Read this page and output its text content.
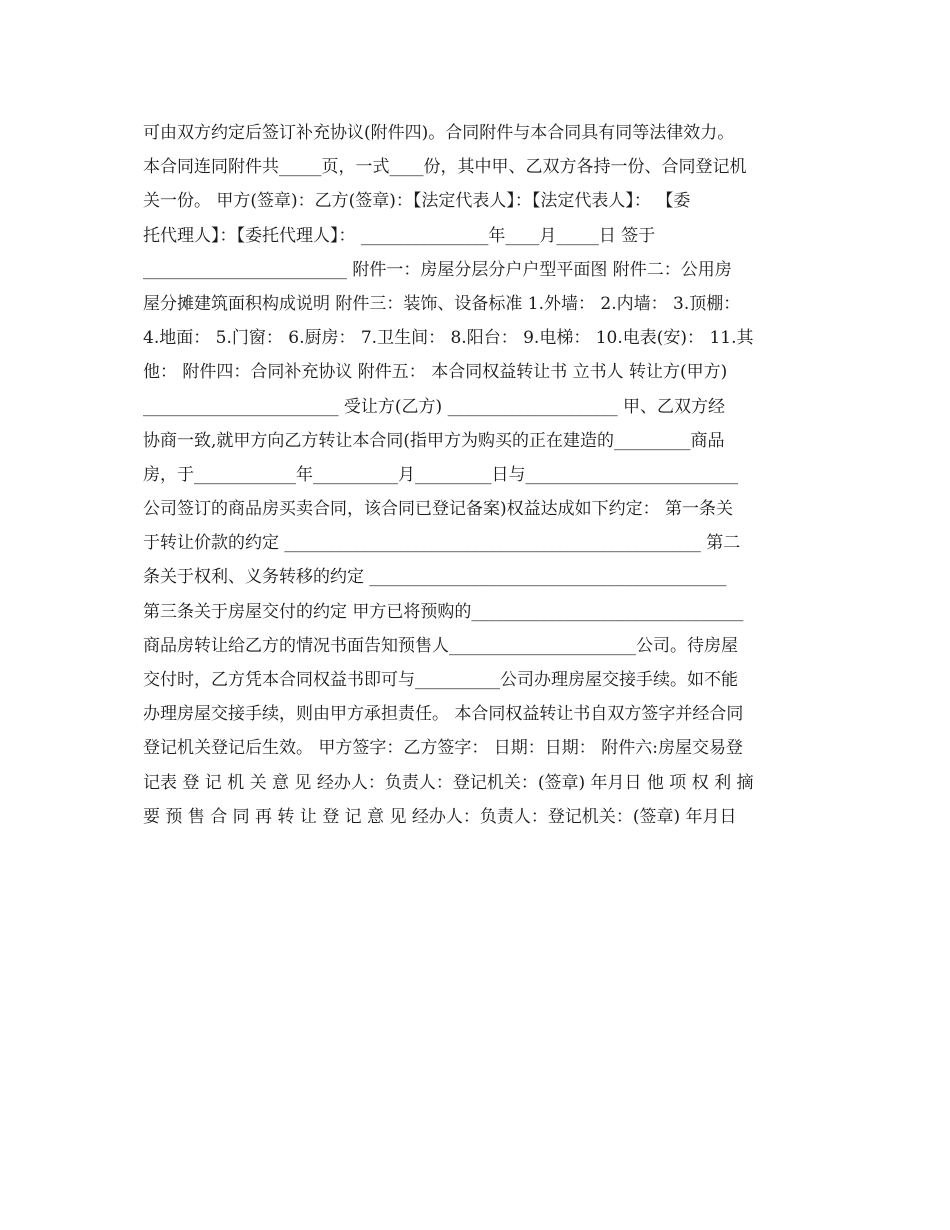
可由双方约定后签订补充协议(附件四)。合同附件与本合同具有同等法律效力。
本合同连同附件共_____页，一式____份，其中甲、乙双方各持一份、合同登记机
关一份。 甲方(签章)：乙方(签章)：【法定代表人】：【法定代表人】： 【委
托代理人】：【委托代理人】： _______________年____月_____日 签于
________________________ 附件一：房屋分层分户户型平面图 附件二：公用房
屋分摊建筑面积构成说明 附件三：装饰、设备标准 1.外墙： 2.内墙： 3.顶棚：
4.地面： 5.门窗： 6.厨房： 7.卫生间： 8.阳台： 9.电梯： 10.电表(安)： 11.其
他： 附件四：合同补充协议 附件五： 本合同权益转让书 立书人 转让方(甲方)
_______________________ 受让方(乙方) ____________________ 甲、乙双方经
协商一致,就甲方向乙方转让本合同(指甲方为购买的正在建造的_________商品
房，于____________年__________月_________日与_________________________
公司签订的商品房买卖合同，该合同已登记备案)权益达成如下约定： 第一条关
于转让价款的约定 _________________________________________________ 第二
条关于权利、义务转移的约定 __________________________________________
第三条关于房屋交付的约定 甲方已将预购的________________________________
商品房转让给乙方的情况书面告知预售人______________________公司。待房屋
交付时，乙方凭本合同权益书即可与__________公司办理房屋交接手续。如不能
办理房屋交接手续，则由甲方承担责任。 本合同权益转让书自双方签字并经合同
登记机关登记后生效。 甲方签字：乙方签字： 日期：日期： 附件六:房屋交易登
记表 登 记 机 关 意 见 经办人：负责人：登记机关：(签章) 年月日 他 项 权 利 摘
要 预 售 合 同 再 转 让 登 记 意 见 经办人：负责人：登记机关：(签章) 年月日
